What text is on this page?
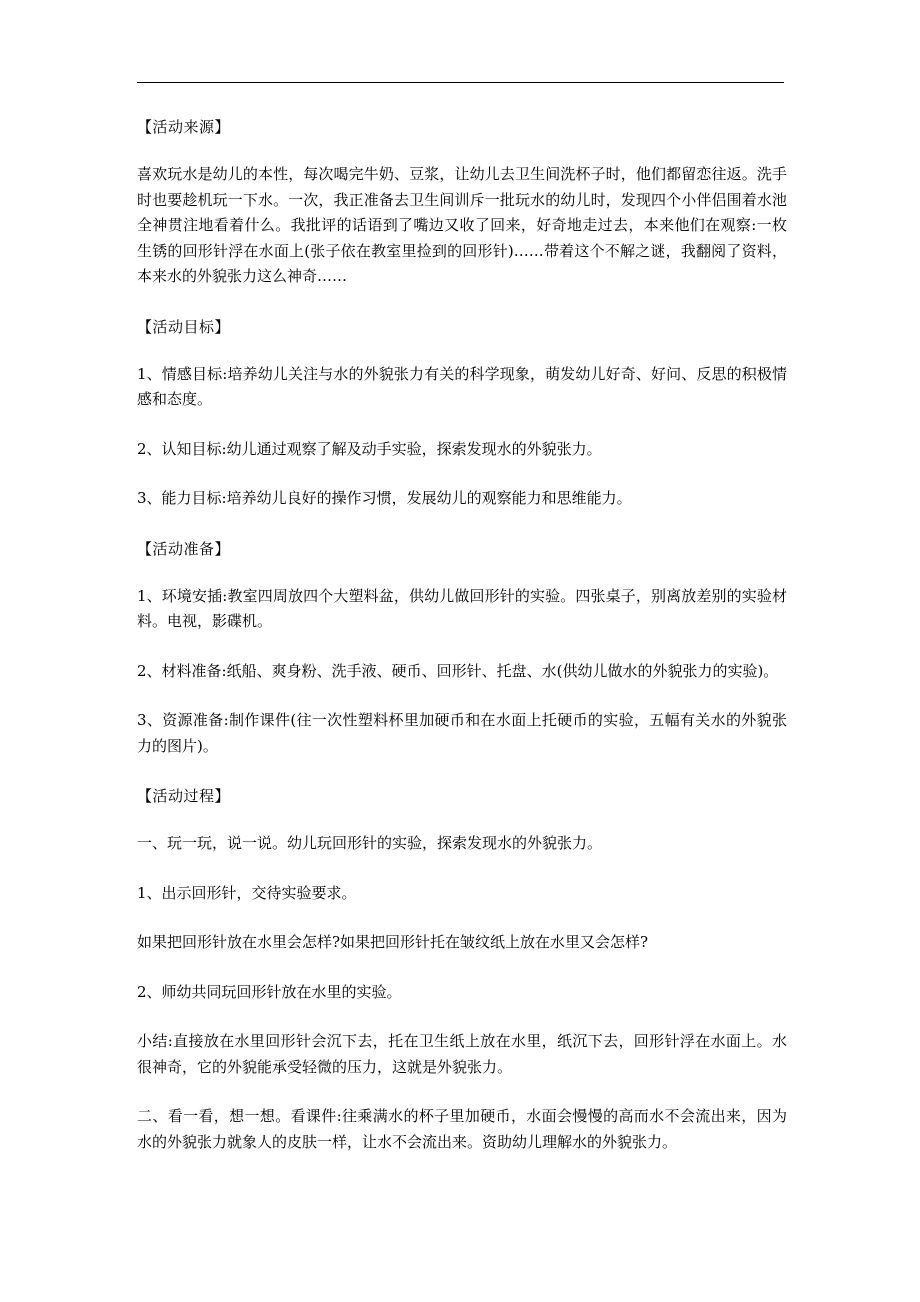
【活动来源】
喜欢玩水是幼儿的本性，每次喝完牛奶、豆浆，让幼儿去卫生间洗杯子时，他们都留恋往返。洗手时也要趁机玩一下水。一次，我正准备去卫生间训斥一批玩水的幼儿时，发现四个小伴侣围着水池全神贯注地看着什么。我批评的话语到了嘴边又收了回来，好奇地走过去，本来他们在观察:一枚生锈的回形针浮在水面上(张子依在教室里捡到的回形针)……带着这个不解之谜，我翻阅了资料，本来水的外貌张力这么神奇……
【活动目标】
1、情感目标:培养幼儿关注与水的外貌张力有关的科学现象，萌发幼儿好奇、好问、反思的积极情感和态度。
2、认知目标:幼儿通过观察了解及动手实验，探索发现水的外貌张力。
3、能力目标:培养幼儿良好的操作习惯，发展幼儿的观察能力和思维能力。
【活动准备】
1、环境安插:教室四周放四个大塑料盆，供幼儿做回形针的实验。四张桌子，别离放差别的实验材料。电视，影碟机。
2、材料准备:纸船、爽身粉、洗手液、硬币、回形针、托盘、水(供幼儿做水的外貌张力的实验)。
3、资源准备:制作课件(往一次性塑料杯里加硬币和在水面上托硬币的实验，五幅有关水的外貌张力的图片)。
【活动过程】
一、玩一玩，说一说。幼儿玩回形针的实验，探索发现水的外貌张力。
1、出示回形针，交待实验要求。
如果把回形针放在水里会怎样?如果把回形针托在皱纹纸上放在水里又会怎样?
2、师幼共同玩回形针放在水里的实验。
小结:直接放在水里回形针会沉下去，托在卫生纸上放在水里，纸沉下去，回形针浮在水面上。水很神奇，它的外貌能承受轻微的压力，这就是外貌张力。
二、看一看，想一想。看课件:往乘满水的杯子里加硬币，水面会慢慢的高而水不会流出来，因为水的外貌张力就象人的皮肤一样，让水不会流出来。资助幼儿理解水的外貌张力。
